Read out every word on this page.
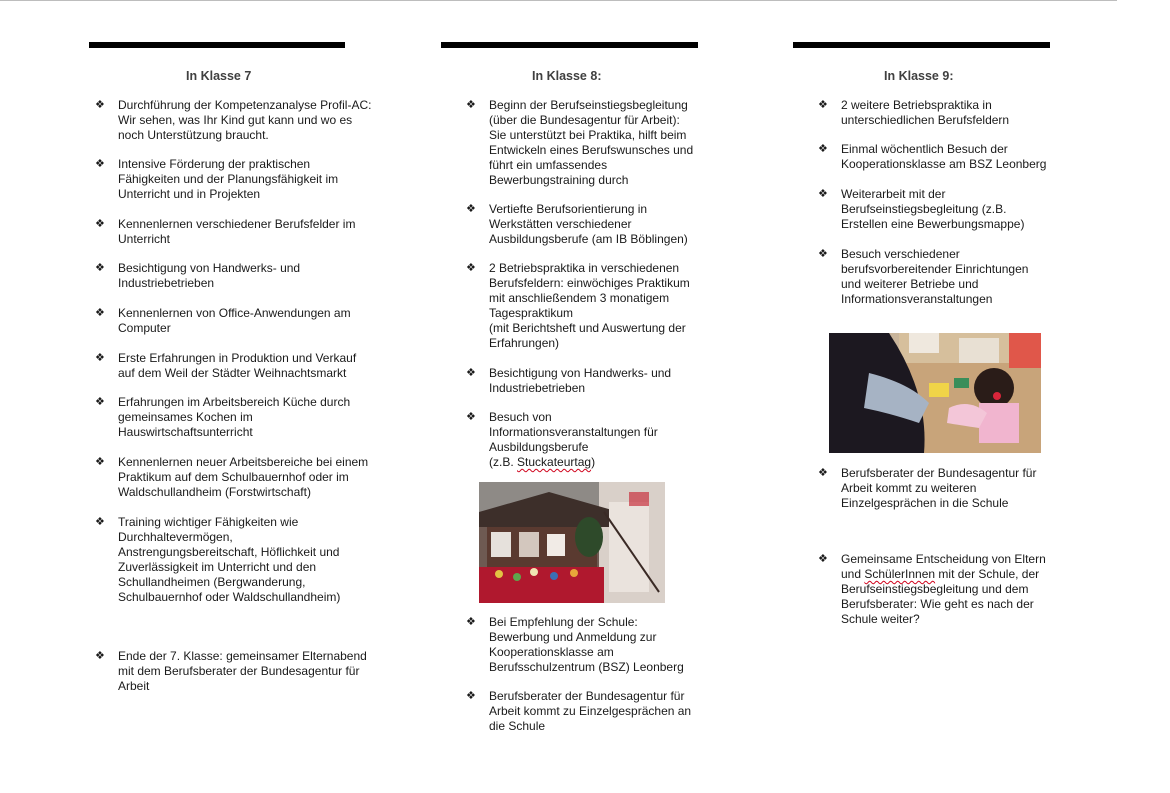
In Klasse 7
❖ Durchführung der Kompetenzanalyse Profil-AC:
Wir sehen, was Ihr Kind gut kann und wo es
noch Unterstützung braucht.
❖ Intensive Förderung der praktischen
Fähigkeiten und der Planungsfähigkeit im
Unterricht und in Projekten
❖ Kennenlernen verschiedener Berufsfelder im
Unterricht
❖ Besichtigung von Handwerks- und
Industriebetrieben
❖ Kennenlernen von Office-Anwendungen am
Computer
❖ Erste Erfahrungen in Produktion und Verkauf
auf dem Weil der Städter Weihnachtsmarkt
❖ Erfahrungen im Arbeitsbereich Küche durch
gemeinsames Kochen im
Hauswirtschaftsunterricht
❖ Kennenlernen neuer Arbeitsbereiche bei einem
Praktikum auf dem Schulbauernhof oder im
Waldschullandheim (Forstwirtschaft)
❖ Training wichtiger Fähigkeiten wie
Durchhaltevermögen,
Anstrengungsbereitschaft, Höflichkeit und
Zuverlässigkeit im Unterricht und den
Schullandheimen (Bergwanderung,
Schulbauernhof oder Waldschullandheim)
❖ Ende der 7. Klasse: gemeinsamer Elternabend
mit dem Berufsberater der Bundesagentur für
Arbeit
In Klasse 8:
❖ Beginn der Berufseinstiegsbegleitung
(über die Bundesagentur für Arbeit):
Sie unterstützt bei Praktika, hilft beim
Entwickeln eines Berufswunsches und
führt ein umfassendes
Bewerbungstraining durch
❖ Vertiefte Berufsorientierung in
Werkstätten verschiedener
Ausbildungsberufe (am IB Böblingen)
❖ 2 Betriebspraktika in verschiedenen
Berufsfeldern: einwöchiges Praktikum
mit anschließendem 3 monatigem
Tagespraktikum
(mit Berichtsheft und Auswertung der
Erfahrungen)
❖ Besichtigung von Handwerks- und
Industriebetrieben
❖ Besuch von
Informationsveranstaltungen für
Ausbildungsberufe
(z.B. Stuckateurtag)
❖ Bei Empfehlung der Schule:
Bewerbung und Anmeldung zur
Kooperationsklasse am
Berufsschulzentrum (BSZ) Leonberg
❖ Berufsberater der Bundesagentur für
Arbeit kommt zu Einzelgesprächen an
die Schule
In Klasse 9:
❖ 2 weitere Betriebspraktika in
unterschiedlichen Berufsfeldern
❖ Einmal wöchentlich Besuch der
Kooperationsklasse am BSZ Leonberg
❖ Weiterarbeit mit der
Berufseinstiegsbegleitung (z.B.
Erstellen eine Bewerbungsmappe)
❖ Besuch verschiedener
berufsvorbereitender Einrichtungen
und weiterer Betriebe und
Informationsveranstaltungen
❖ Berufsberater der Bundesagentur für
Arbeit kommt zu weiteren
Einzelgesprächen in die Schule
❖ Gemeinsame Entscheidung von Eltern
und SchülerInnen mit der Schule, der
Berufseinstiegsbegleitung und dem
Berufsberater: Wie geht es nach der
Schule weiter?
